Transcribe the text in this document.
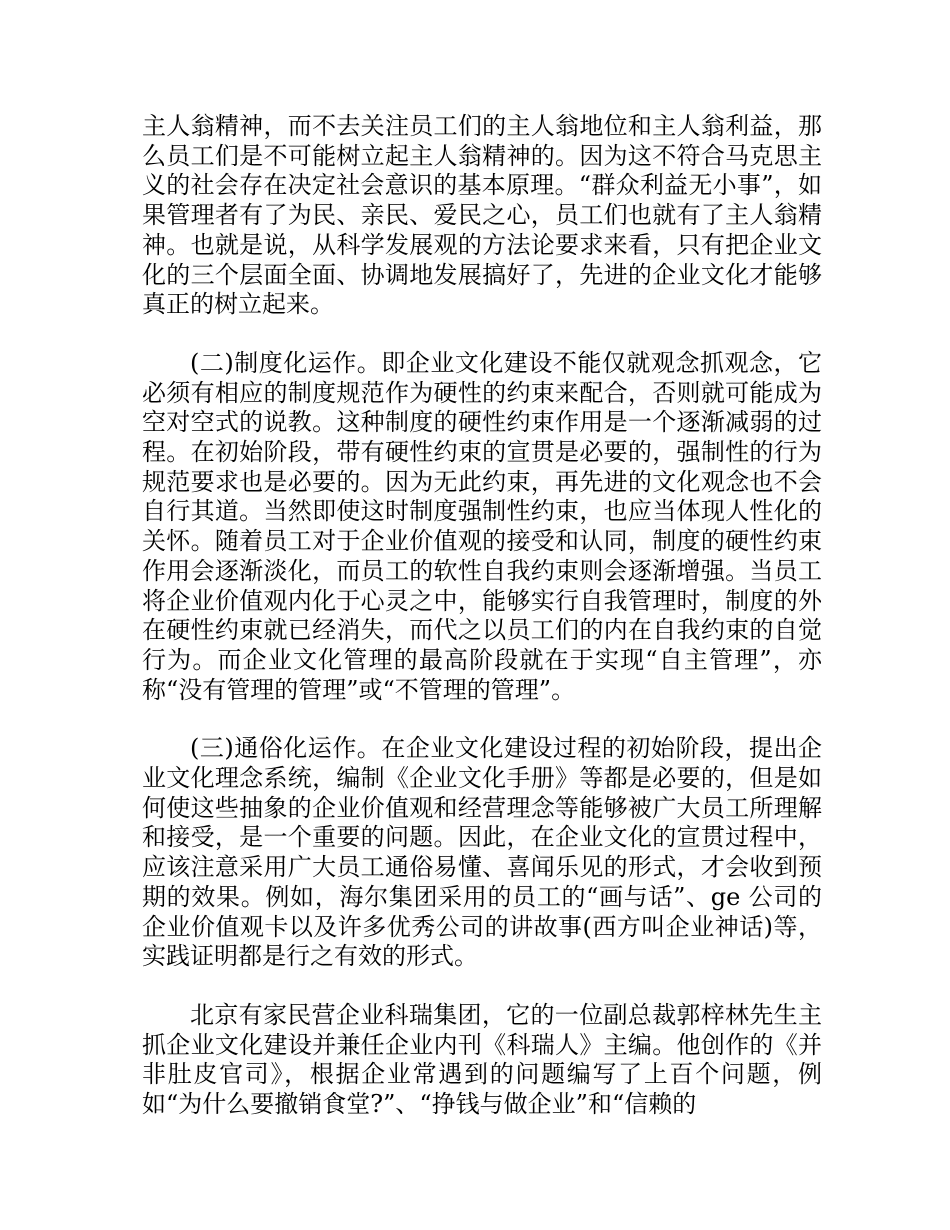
主人翁精神，而不去关注员工们的主人翁地位和主人翁利益，那么员工们是不可能树立起主人翁精神的。因为这不符合马克思主义的社会存在决定社会意识的基本原理。“群众利益无小事”，如果管理者有了为民、亲民、爱民之心，员工们也就有了主人翁精神。也就是说，从科学发展观的方法论要求来看，只有把企业文化的三个层面全面、协调地发展搞好了，先进的企业文化才能够真正的树立起来。

(二)制度化运作。即企业文化建设不能仅就观念抓观念，它必须有相应的制度规范作为硬性的约束来配合，否则就可能成为空对空式的说教。这种制度的硬性约束作用是一个逐渐减弱的过程。在初始阶段，带有硬性约束的宣贯是必要的，强制性的行为规范要求也是必要的。因为无此约束，再先进的文化观念也不会自行其道。当然即使这时制度强制性约束，也应当体现人性化的关怀。随着员工对于企业价值观的接受和认同，制度的硬性约束作用会逐渐淡化，而员工的软性自我约束则会逐渐增强。当员工将企业价值观内化于心灵之中，能够实行自我管理时，制度的外在硬性约束就已经消失，而代之以员工们的内在自我约束的自觉行为。而企业文化管理的最高阶段就在于实现“自主管理”，亦称“没有管理的管理”或“不管理的管理”。

(三)通俗化运作。在企业文化建设过程的初始阶段，提出企业文化理念系统，编制《企业文化手册》等都是必要的，但是如何使这些抽象的企业价值观和经营理念等能够被广大员工所理解和接受，是一个重要的问题。因此，在企业文化的宣贯过程中，应该注意采用广大员工通俗易懂、喜闻乐见的形式，才会收到预期的效果。例如，海尔集团采用的员工的“画与话”、ge 公司的企业价值观卡以及许多优秀公司的讲故事(西方叫企业神话)等，实践证明都是行之有效的形式。

北京有家民营企业科瑞集团，它的一位副总裁郭梓林先生主抓企业文化建设并兼任企业内刊《科瑞人》主编。他创作的《并非肚皮官司》，根据企业常遇到的问题编写了上百个问题，例如“为什么要撤销食堂?”、“挣钱与做企业”和“信赖的
